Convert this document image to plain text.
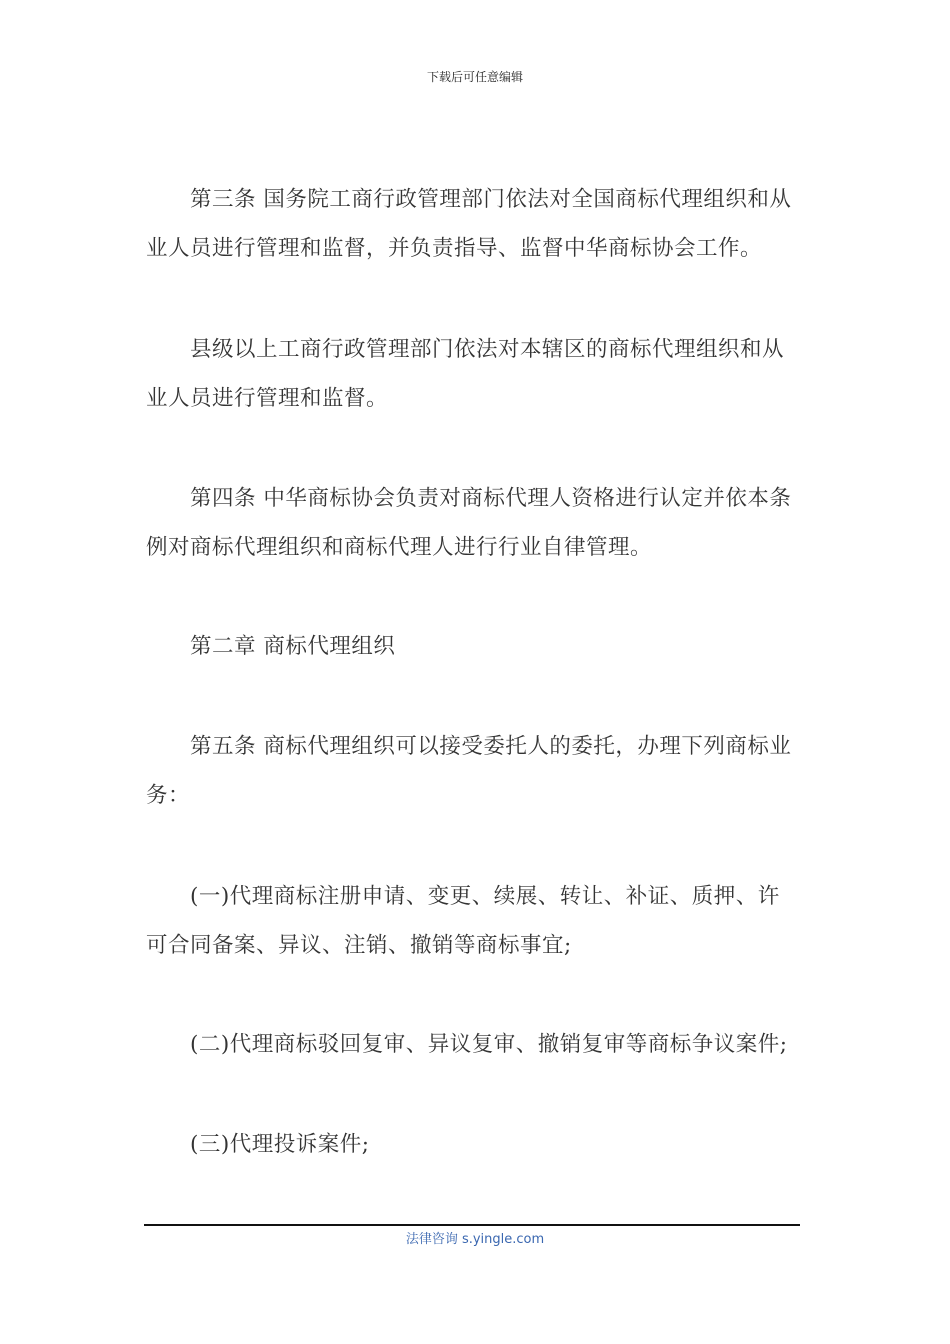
下载后可任意编辑

第三条 国务院工商行政管理部门依法对全国商标代理组织和从
业人员进行管理和监督，并负责指导、监督中华商标协会工作。

县级以上工商行政管理部门依法对本辖区的商标代理组织和从
业人员进行管理和监督。

第四条 中华商标协会负责对商标代理人资格进行认定并依本条
例对商标代理组织和商标代理人进行行业自律管理。

第二章 商标代理组织

第五条 商标代理组织可以接受委托人的委托，办理下列商标业
务：

(一)代理商标注册申请、变更、续展、转让、补证、质押、许
可合同备案、异议、注销、撤销等商标事宜;

(二)代理商标驳回复审、异议复审、撤销复审等商标争议案件;

(三)代理投诉案件;

法律咨询 s.yingle.com
